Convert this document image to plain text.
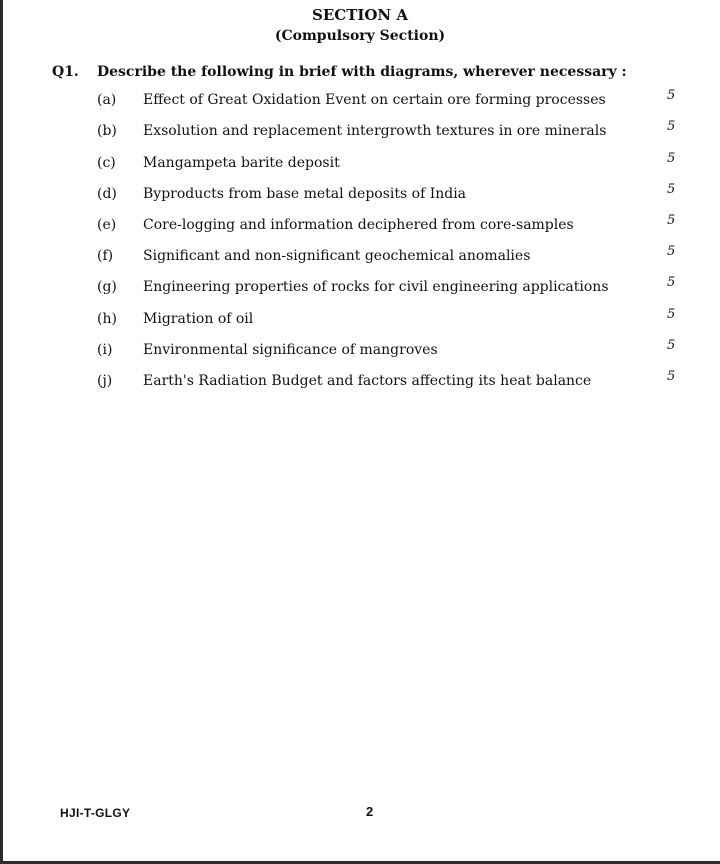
SECTION A
(Compulsory Section)
Q1. Describe the following in brief with diagrams, wherever necessary :
(a) Effect of Great Oxidation Event on certain ore forming processes	5
(b) Exsolution and replacement intergrowth textures in ore minerals	5
(c) Mangampeta barite deposit	5
(d) Byproducts from base metal deposits of India	5
(e) Core-logging and information deciphered from core-samples	5
(f) Significant and non-significant geochemical anomalies	5
(g) Engineering properties of rocks for civil engineering applications	5
(h) Migration of oil	5
(i) Environmental significance of mangroves	5
(j) Earth's Radiation Budget and factors affecting its heat balance	5
HJI-T-GLGY	2
